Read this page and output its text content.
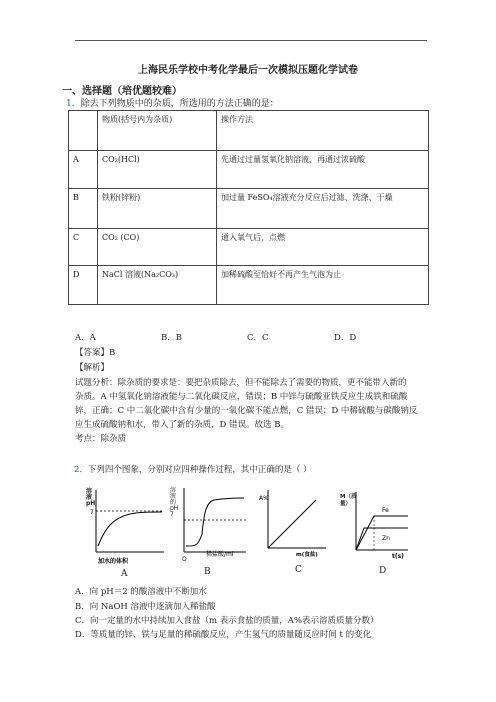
上海民乐学校中考化学最后一次模拟压题化学试卷
一、选择题（培优题较难）
1．除去下列物质中的杂质，所选用的方法正确的是：
	物质(括号内为杂质)	操作方法
A	CO₂(HCl)	先通过过量氢氧化钠溶液，再通过浓硫酸
B	铁粉(锌粉)	加过量 FeSO₄溶液充分反应后过滤、洗涤、干燥
C	CO₂ (CO)	通入氧气后，点燃
D	NaCl 溶液(Na₂CO₃)	加稀硫酸至恰好不再产生气泡为止
A．A	B．B	C．C	D．D
【答案】B
【解析】
试题分析：除杂质的要求是：要把杂质除去，但不能除去了需要的物质，更不能带入新的
杂质。A 中氢氧化钠溶液能与二氧化碳反应，错误；B 中锌与硫酸亚铁反应生成铁和硫酸
锌，正确；C 中二氧化碳中含有少量的一氧化碳不能点燃，C 错误；D 中稀硫酸与碳酸钠反
应生成硫酸钠和水，带入了新的杂质，D 错误。故选 B。
考点：除杂质
2．下列四个图象，分别对应四种操作过程，其中正确的是（ ）
7
加水的体积
溶液pH
A
O
稀盐酸/ml
溶液的pH 7
B
A%
m(食盐)
C
Fe
Zn
t(s)
M（质量）
D
A．向 pH＝2 的酸溶液中不断加水
B．向 NaOH 溶液中逐滴加入稀盐酸
C．向一定量的水中持续加入食盐（m 表示食盐的质量，A%表示溶质质量分数）
D．等质量的锌、铁与足量的稀硫酸反应，产生氢气的质量随反应时间 t 的变化
